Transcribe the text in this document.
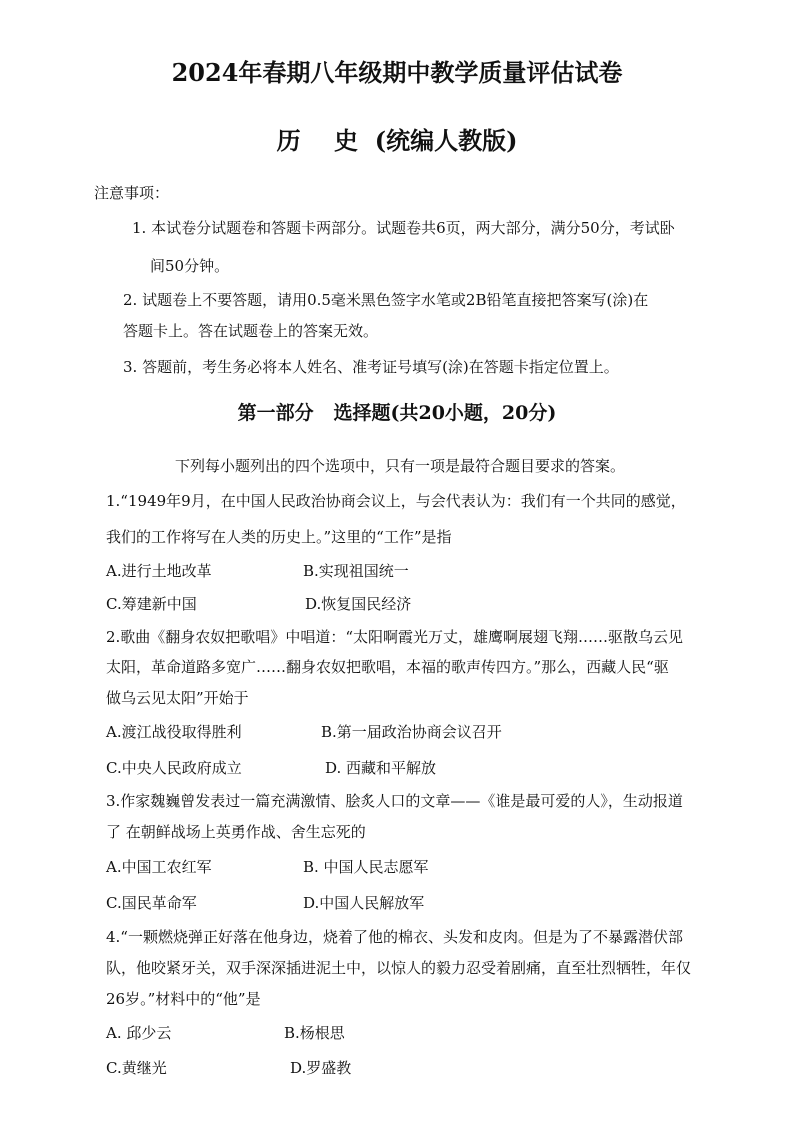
2024年春期八年级期中教学质量评估试卷
历    史  (统编人教版)
注意事项：
1. 本试卷分试题卷和答题卡两部分。试题卷共6页，两大部分，满分50分，考试卧
间50分钟。
2. 试题卷上不要答题，请用0.5毫米黑色签字水笔或2B铅笔直接把答案写(涂)在
答题卡上。答在试题卷上的答案无效。
3. 答题前，考生务必将本人姓名、准考证号填写(涂)在答题卡指定位置上。
第一部分   选择题(共20小题，20分)
下列每小题列出的四个选项中，只有一项是最符合题目要求的答案。
1.“1949年9月，在中国人民政治协商会议上，与会代表认为：我们有一个共同的感觉，
我们的工作将写在人类的历史上。”这里的“工作”是指
A.进行土地改革	B.实现祖国统一
C.筹建新中国	D.恢复国民经济
2.歌曲《翻身农奴把歌唱》中唱道：“太阳啊霞光万丈，雄鹰啊展翅飞翔……驱散乌云见
太阳，革命道路多宽广……翻身农奴把歌唱，本福的歌声传四方。”那么，西藏人民“驱
做乌云见太阳”开始于
A.渡江战役取得胜利	B.第一届政治协商会议召开
C.中央人民政府成立	D. 西藏和平解放
3.作家魏巍曾发表过一篇充满激情、脍炙人口的文章——《谁是最可爱的人》，生动报道
了 在朝鲜战场上英勇作战、舍生忘死的
A.中国工农红军	B. 中国人民志愿军
C.国民革命军	D.中国人民解放军
4.“一颗燃烧弹正好落在他身边，烧着了他的棉衣、头发和皮肉。但是为了不暴露潜伏部
队，他咬紧牙关，双手深深插进泥土中，以惊人的毅力忍受着剧痛，直至壮烈牺牲，年仅
26岁。”材料中的“他”是
A. 邱少云	B.杨根思
C.黄继光	D.罗盛教
